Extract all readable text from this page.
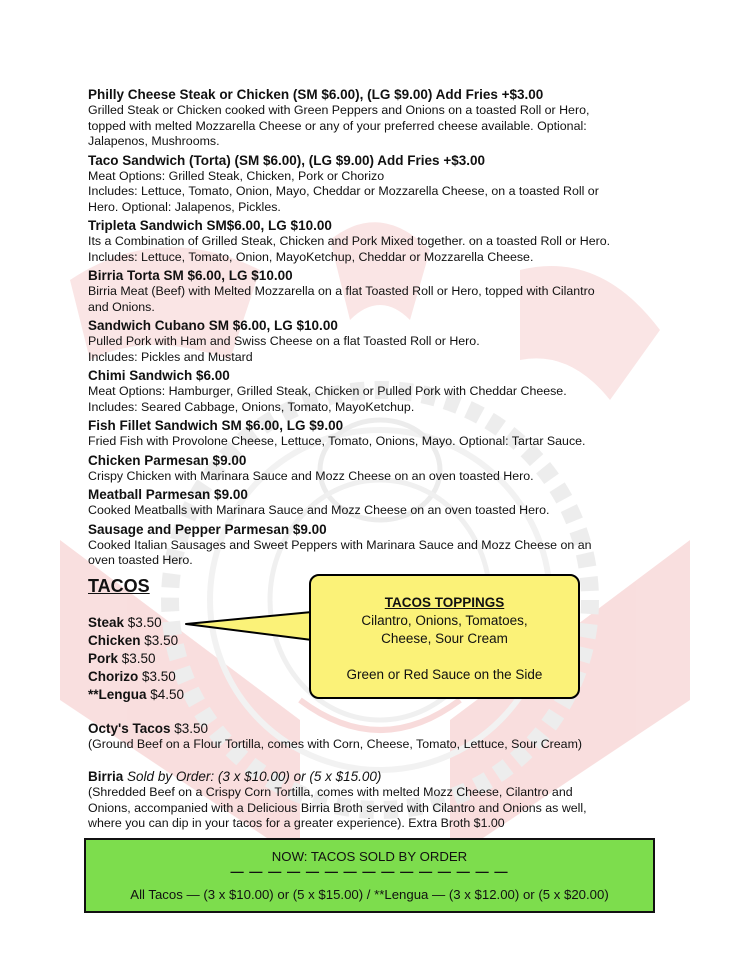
Philly Cheese Steak or Chicken (SM $6.00), (LG $9.00) Add Fries +$3.00
Grilled Steak or Chicken cooked with Green Peppers and Onions on a toasted Roll or Hero,
topped with melted Mozzarella Cheese or any of your preferred cheese available. Optional:
Jalapenos, Mushrooms.
Taco Sandwich (Torta) (SM $6.00), (LG $9.00) Add Fries +$3.00
Meat Options: Grilled Steak, Chicken, Pork or Chorizo
Includes: Lettuce, Tomato, Onion, Mayo, Cheddar or Mozzarella Cheese, on a toasted Roll or
Hero. Optional: Jalapenos, Pickles.
Tripleta Sandwich SM$6.00, LG $10.00
Its a Combination of Grilled Steak, Chicken and Pork Mixed together. on a toasted Roll or Hero.
Includes: Lettuce, Tomato, Onion, MayoKetchup, Cheddar or Mozzarella Cheese.
Birria Torta SM $6.00, LG $10.00
Birria Meat (Beef) with Melted Mozzarella on a flat Toasted Roll or Hero, topped with Cilantro
and Onions.
Sandwich Cubano SM $6.00, LG $10.00
Pulled Pork with Ham and Swiss Cheese on a flat Toasted Roll or Hero.
Includes: Pickles and Mustard
Chimi Sandwich $6.00
Meat Options: Hamburger, Grilled Steak, Chicken or Pulled Pork with Cheddar Cheese.
Includes: Seared Cabbage, Onions, Tomato, MayoKetchup.
Fish Fillet Sandwich SM $6.00, LG $9.00
Fried Fish with Provolone Cheese, Lettuce, Tomato, Onions, Mayo. Optional: Tartar Sauce.
Chicken Parmesan $9.00
Crispy Chicken with Marinara Sauce and Mozz Cheese on an oven toasted Hero.
Meatball Parmesan $9.00
Cooked Meatballs with Marinara Sauce and Mozz Cheese on an oven toasted Hero.
Sausage and Pepper Parmesan $9.00
Cooked Italian Sausages and Sweet Peppers with Marinara Sauce and Mozz Cheese on an
oven toasted Hero.
TACOS
Steak $3.50
Chicken $3.50
Pork $3.50
Chorizo $3.50
**Lengua $4.50
TACOS TOPPINGS
Cilantro, Onions, Tomatoes,
Cheese, Sour Cream
Green or Red Sauce on the Side
Octy's Tacos $3.50
(Ground Beef on a Flour Tortilla, comes with Corn, Cheese, Tomato, Lettuce, Sour Cream)
Birria Sold by Order: (3 x $10.00) or (5 x $15.00)
(Shredded Beef on a Crispy Corn Tortilla, comes with melted Mozz Cheese, Cilantro and
Onions, accompanied with a Delicious Birria Broth served with Cilantro and Onions as well,
where you can dip in your tacos for a greater experience). Extra Broth $1.00
NOW: TACOS SOLD BY ORDER
— — — — — — — — — — — — — — —
All Tacos — (3 x $10.00) or (5 x $15.00) / **Lengua — (3 x $12.00) or (5 x $20.00)
